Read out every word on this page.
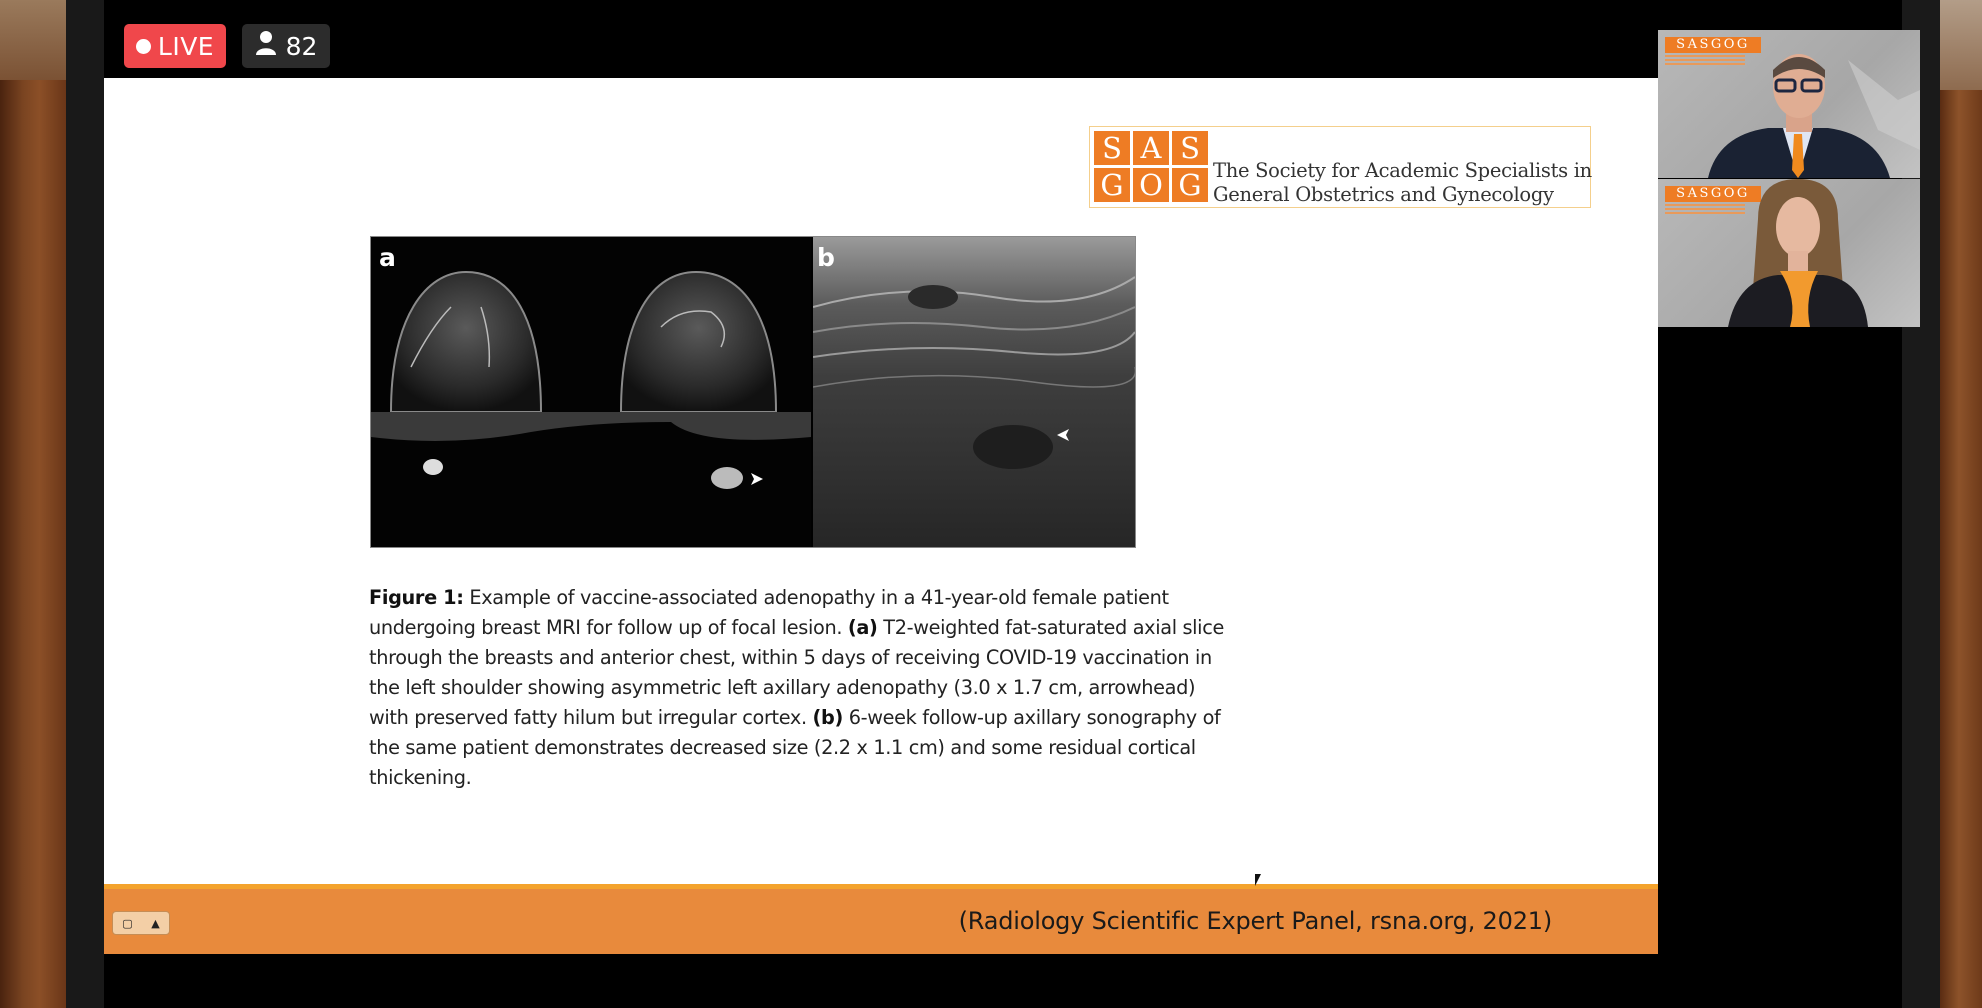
LIVE	82
S A S
G O G The Society for Academic Specialists in
General Obstetrics and Gynecology
a	b
Figure 1: Example of vaccine-associated adenopathy in a 41-year-old female patient undergoing breast MRI for follow up of focal lesion. (a) T2-weighted fat-saturated axial slice through the breasts and anterior chest, within 5 days of receiving COVID-19 vaccination in the left shoulder showing asymmetric left axillary adenopathy (3.0 x 1.7 cm, arrowhead) with preserved fatty hilum but irregular cortex. (b) 6-week follow-up axillary sonography of the same patient demonstrates decreased size (2.2 x 1.1 cm) and some residual cortical thickening.
▢ ▲	(Radiology Scientific Expert Panel, rsna.org, 2021)
SASGOG
SASGOG
